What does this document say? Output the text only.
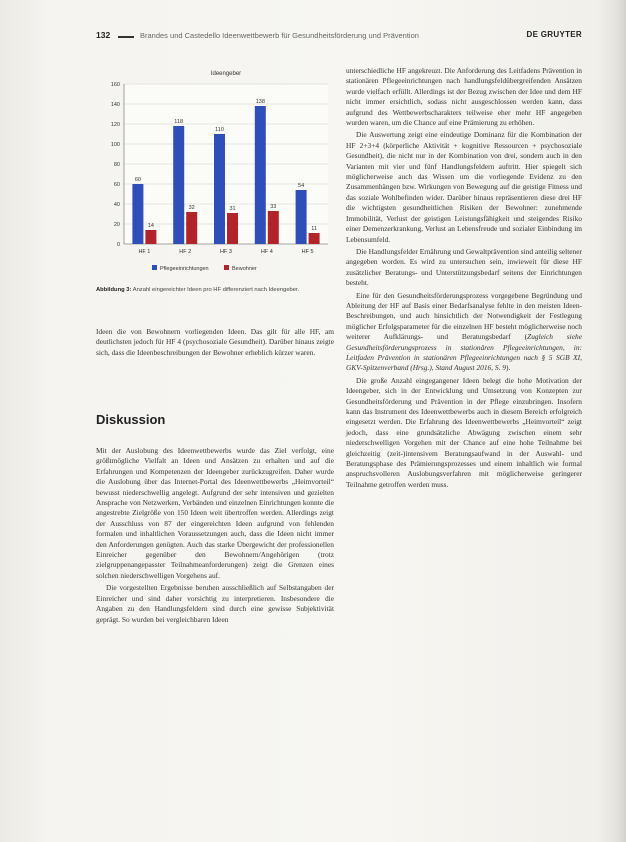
132	Brandes und Castedello Ideenwettbewerb für Gesundheitsförderung und Prävention	DE GRUYTER
0
20
40
60
80
100
120
140
160
Ideengeber
60
14
HF 1
118
32
HF 2
110
31
HF 3
138
33
HF 4
54
11
HF 5
Pflegeeinrichtungen	Bewohner
Abbildung 3: Anzahl eingereichter Ideen pro HF differenziert nach Ideengeber.

Ideen die von Bewohnern vorliegenden Ideen. Das gilt für alle HF, am deutlichsten jedoch für HF 4 (psychosoziale Gesundheit). Darüber hinaus zeigte sich, dass die Ideenbeschreibungen der Bewohner erheblich kürzer waren.

Diskussion

Mit der Auslobung des Ideenwettbewerbs wurde das Ziel verfolgt, eine größtmögliche Vielfalt an Ideen und Ansätzen zu erhalten und auf die Erfahrungen und Kompetenzen der Ideengeber zurückzugreifen. Daher wurde die Auslobung über das Internet-Portal des Ideenwettbewerbs „Heimvorteil“ bewusst niederschwellig angelegt. Aufgrund der sehr intensiven und gezielten Ansprache von Netzwerken, Verbänden und einzelnen Einrichtungen konnte die angestrebte Zielgröße von 150 Ideen weit übertroffen werden. Allerdings zeigt der Ausschluss von 87 der eingereichten Ideen aufgrund von fehlenden formalen und inhaltlichen Voraussetzungen auch, dass die Ideen nicht immer den Anforderungen genügten. Auch das starke Übergewicht der professionellen Einreicher gegenüber den Bewohnern/Angehörigen (trotz zielgruppenangepasster Teilnahmeanforderungen) zeigt die Grenzen eines solchen niederschwelligen Vorgehens auf.

Die vorgestellten Ergebnisse beruhen ausschließlich auf Selbstangaben der Einreicher und sind daher vorsichtig zu interpretieren. Insbesondere die Angaben zu den Handlungsfeldern sind durch eine gewisse Subjektivität geprägt. So wurden bei vergleichbaren Ideen

unterschiedliche HF angekreuzt. Die Anforderung des Leitfadens Prävention in stationären Pflegeeinrichtungen nach handlungsfeldübergreifenden Ansätzen wurde vielfach erfüllt. Allerdings ist der Bezug zwischen der Idee und dem HF nicht immer ersichtlich, sodass nicht ausgeschlossen werden kann, dass aufgrund des Wettbewerbscharakters teilweise eher mehr HF angegeben wurden waren, um die Chance auf eine Prämierung zu erhöhen.

Die Auswertung zeigt eine eindeutige Dominanz für die Kombination der HF 2+3+4 (körperliche Aktivität + kognitive Ressourcen + psychosoziale Gesundheit), die nicht nur in der Kombination von drei, sondern auch in den Varianten mit vier und fünf Handlungsfeldern auftritt. Hier spiegelt sich möglicherweise auch das Wissen um die vorliegende Evidenz zu den Zusammenhängen bzw. Wirkungen von Bewegung auf die geistige Fitness und das soziale Wohlbefinden wider. Darüber hinaus repräsentieren diese drei HF die wichtigsten gesundheitlichen Risiken der Bewohner: zunehmende Immobilität, Verlust der geistigen Leistungsfähigkeit und steigendes Risiko einer Demenzerkrankung, Verlust an Lebensfreude und sozialer Einbindung im Lebensumfeld.

Die Handlungsfelder Ernährung und Gewaltprävention sind anteilig seltener angegeben worden. Es wird zu untersuchen sein, inwieweit für diese HF zusätzlicher Beratungs- und Unterstützungsbedarf seitens der Einrichtungen besteht.

Eine für den Gesundheitsförderungsprozess vorgegebene Begründung und Ableitung der HF auf Basis einer Bedarfsanalyse fehlte in den meisten Ideen-Beschreibungen, und auch hinsichtlich der Notwendigkeit der Festlegung möglicher Erfolgsparameter für die einzelnen HF besteht möglicherweise noch weiterer Aufklärungs- und Beratungsbedarf (Zugleich siehe Gesundheitsförderungsprozess in stationären Pflegeeinrichtungen, in: Leitfaden Prävention in stationären Pflegeeinrichtungen nach § 5 SGB XI, GKV-Spitzenverband (Hrsg.), Stand August 2016, S. 9).

Die große Anzahl eingegangener Ideen belegt die hohe Motivation der Ideengeber, sich in der Entwicklung und Umsetzung von Konzepten zur Gesundheitsförderung und Prävention in der Pflege einzubringen. Insofern kann das Instrument des Ideenwettbewerbs auch in diesem Bereich erfolgreich eingesetzt werden. Die Erfahrung des Ideenwettbewerbs „Heimvorteil“ zeigt jedoch, dass eine grundsätzliche Abwägung zwischen einem sehr niederschwelligen Vorgehen mit der Chance auf eine hohe Teilnahme bei gleichzeitig (zeit-)intensivem Beratungsaufwand in der Auswahl- und Beratungsphase des Prämierungsprozesses und einem inhaltlich wie formal anspruchsvolleren Auslobungsverfahren mit möglicherweise geringerer Teilnahme getroffen werden muss.
